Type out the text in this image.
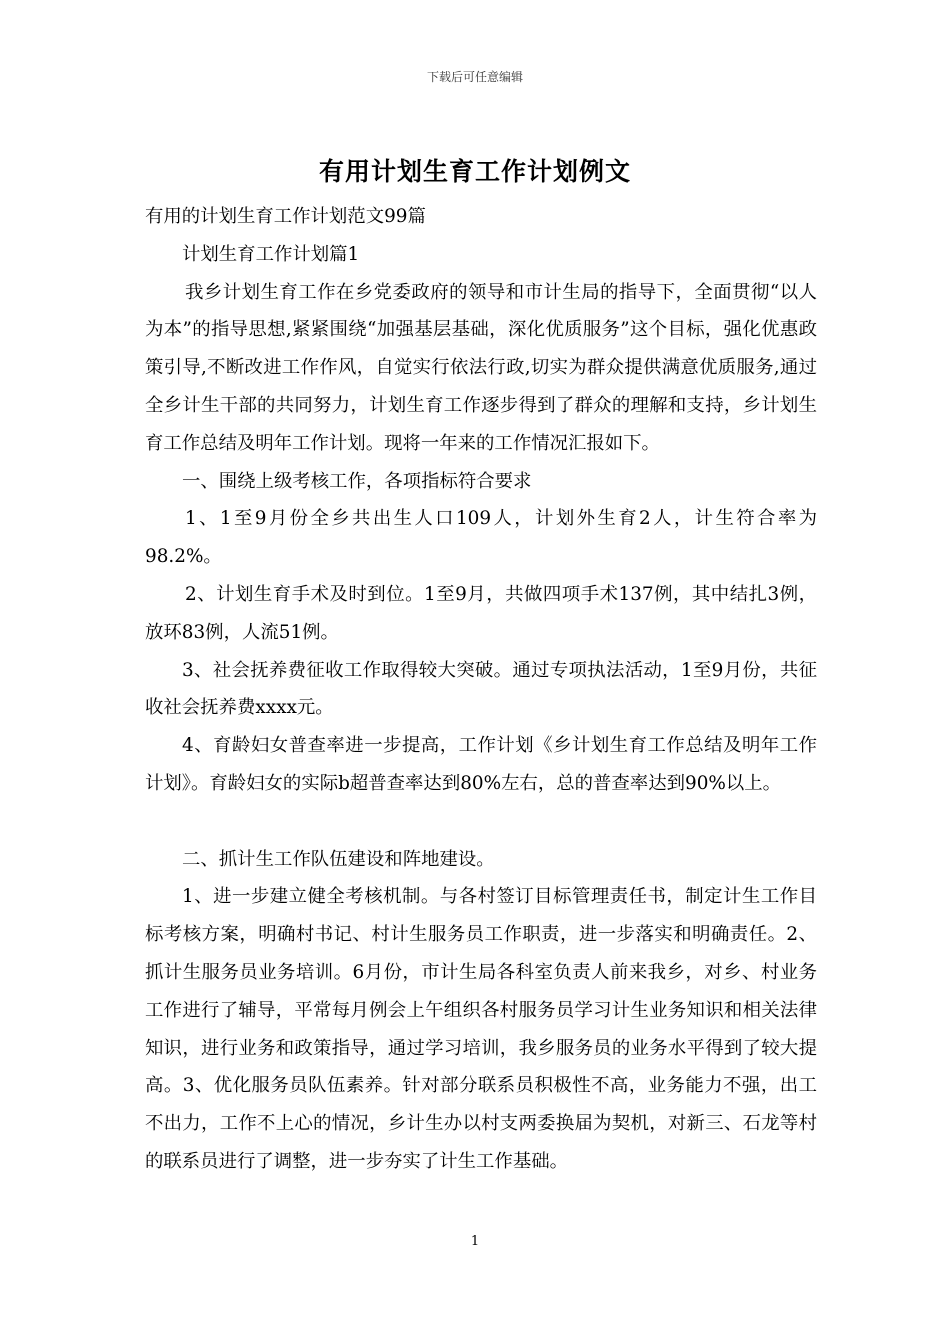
下载后可任意编辑
有用计划生育工作计划例文

有用的计划生育工作计划范文99篇

计划生育工作计划篇1

我乡计划生育工作在乡党委政府的领导和市计生局的指导下，全面贯彻“以人为本”的指导思想,紧紧围绕“加强基层基础，深化优质服务”这个目标，强化优惠政策引导,不断改进工作作风，自觉实行依法行政,切实为群众提供满意优质服务,通过全乡计生干部的共同努力，计划生育工作逐步得到了群众的理解和支持，乡计划生育工作总结及明年工作计划。现将一年来的工作情况汇报如下。

一、围绕上级考核工作，各项指标符合要求

1、1至9月份全乡共出生人口109人，计划外生育2人，计生符合率为98.2%。

2、计划生育手术及时到位。1至9月，共做四项手术137例，其中结扎3例，放环83例，人流51例。

3、社会抚养费征收工作取得较大突破。通过专项执法活动，1至9月份，共征收社会抚养费xxxx元。

4、育龄妇女普查率进一步提高，工作计划《乡计划生育工作总结及明年工作计划》。育龄妇女的实际b超普查率达到80%左右，总的普查率达到90%以上。

二、抓计生工作队伍建设和阵地建设。

1、进一步建立健全考核机制。与各村签订目标管理责任书，制定计生工作目标考核方案，明确村书记、村计生服务员工作职责，进一步落实和明确责任。2、抓计生服务员业务培训。6月份，市计生局各科室负责人前来我乡，对乡、村业务工作进行了辅导，平常每月例会上午组织各村服务员学习计生业务知识和相关法律知识，进行业务和政策指导，通过学习培训，我乡服务员的业务水平得到了较大提高。3、优化服务员队伍素养。针对部分联系员积极性不高，业务能力不强，出工不出力，工作不上心的情况，乡计生办以村支两委换届为契机，对新三、石龙等村的联系员进行了调整，进一步夯实了计生工作基础。

1
